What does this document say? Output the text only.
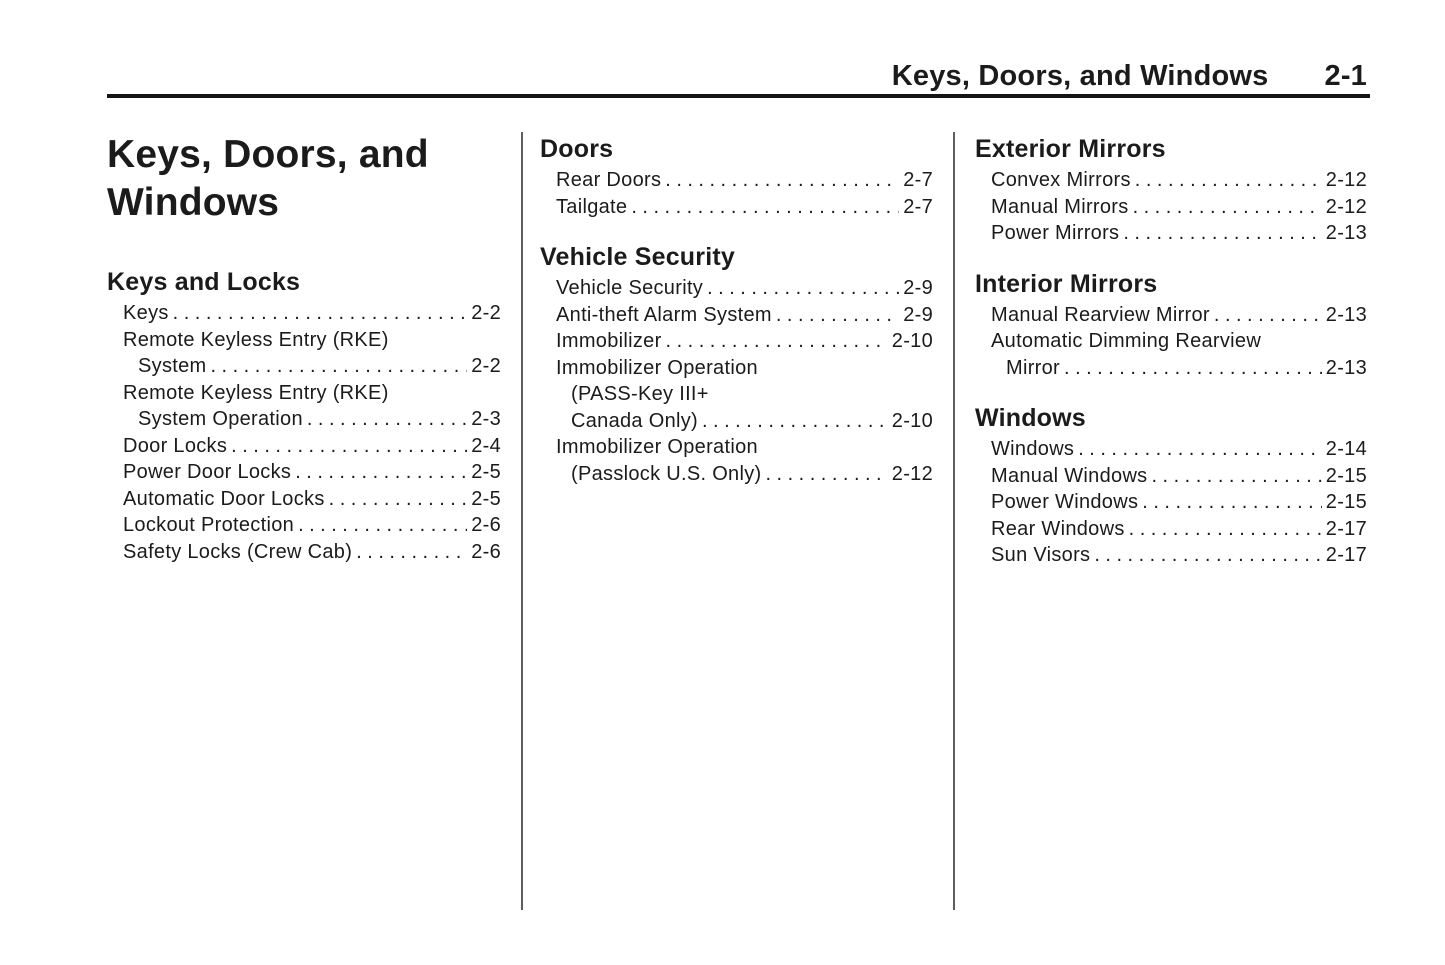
Keys, Doors, and Windows 2-1
Keys, Doors, and Windows
Keys and Locks
Keys .....	2-2
Remote Keyless Entry (RKE)
System .....	2-2
Remote Keyless Entry (RKE)
System Operation .....	2-3
Door Locks .....	2-4
Power Door Locks .....	2-5
Automatic Door Locks .....	2-5
Lockout Protection .....	2-6
Safety Locks (Crew Cab) .....	2-6
Doors
Rear Doors .....	2-7
Tailgate .....	2-7
Vehicle Security
Vehicle Security .....	2-9
Anti-theft Alarm System .....	2-9
Immobilizer .....	2-10
Immobilizer Operation
(PASS-Key III+
Canada Only) .....	2-10
Immobilizer Operation
(Passlock U.S. Only) .....	2-12
Exterior Mirrors
Convex Mirrors .....	2-12
Manual Mirrors .....	2-12
Power Mirrors .....	2-13
Interior Mirrors
Manual Rearview Mirror .....	2-13
Automatic Dimming Rearview
Mirror .....	2-13
Windows
Windows .....	2-14
Manual Windows .....	2-15
Power Windows .....	2-15
Rear Windows .....	2-17
Sun Visors .....	2-17
